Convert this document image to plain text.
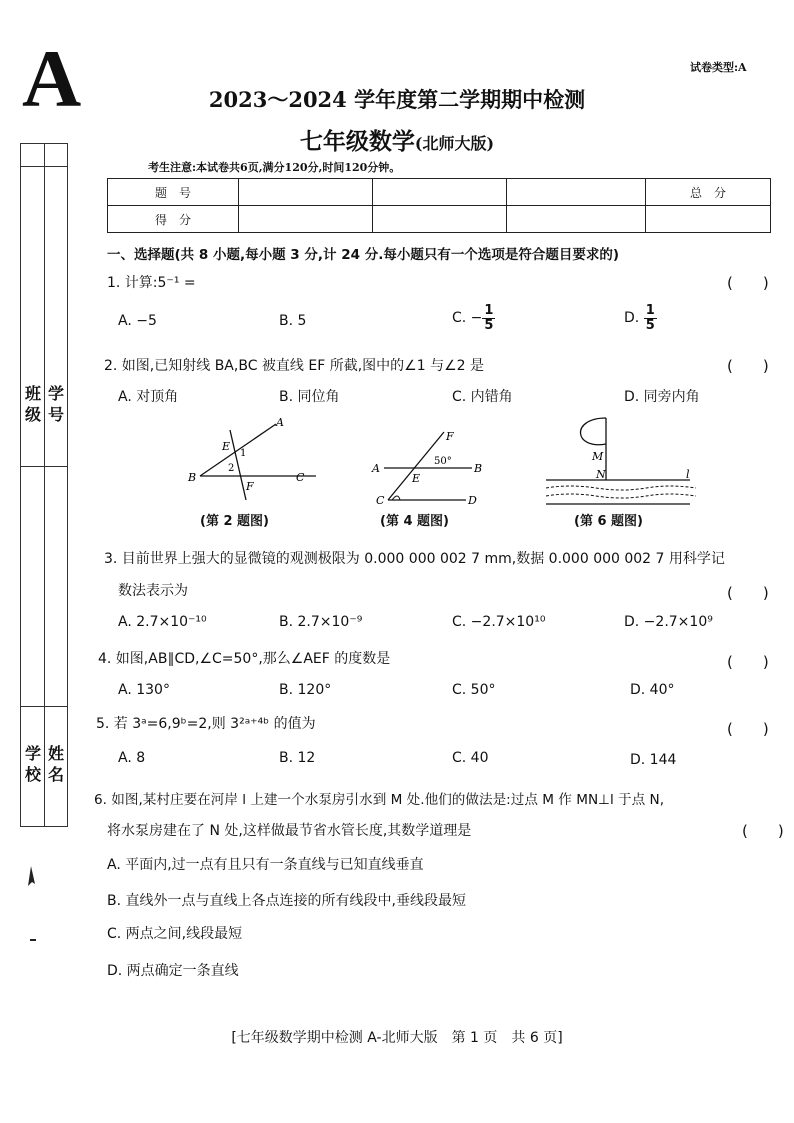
A	试卷类型:A
2023～2024 学年度第二学期期中检测
七年级数学(北师大版)
考生注意:本试卷共6页,满分120分,时间120分钟。
题　号				总　分
得　分				
班级
学号
学校
姓名
一、选择题(共 8 小题,每小题 3 分,计 24 分.每小题只有一个选项是符合题目要求的)
1. 计算:5⁻¹ =	(　　)
A. −5	B. 5	C. − $\frac{1}{5}$	D. $\frac{1}{5}$
2. 如图,已知射线 BA,BC 被直线 EF 所截,图中的∠1 与∠2 是	(　　)
A. 对顶角	B. 同位角	C. 内错角	D. 同旁内角
A
B	C
E
F
1
2
(第 2 题图)
A	B
C	D
E
F
50°
(第 4 题图)
M
N	l
(第 6 题图)
3. 目前世界上强大的显微镜的观测极限为 0.000 000 002 7 mm,数据 0.000 000 002 7 用科学记
数法表示为	(　　)
A. 2.7×10⁻¹⁰	B. 2.7×10⁻⁹	C. −2.7×10¹⁰	D. −2.7×10⁹
4. 如图,AB∥CD,∠C=50°,那么∠AEF 的度数是	(　　)
A. 130°	B. 120°	C. 50°	D. 40°
5. 若 3ᵃ=6,9ᵇ=2,则 3²ᵃ⁺⁴ᵇ 的值为	(　　)
A. 8	B. 12	C. 40	D. 144
6. 如图,某村庄要在河岸 l 上建一个水泵房引水到 M 处.他们的做法是:过点 M 作 MN⊥l 于点 N,
将水泵房建在了 N 处,这样做最节省水管长度,其数学道理是	(　　)
A. 平面内,过一点有且只有一条直线与已知直线垂直
B. 直线外一点与直线上各点连接的所有线段中,垂线段最短
C. 两点之间,线段最短
D. 两点确定一条直线
[七年级数学期中检测 A-北师大版　第 1 页　共 6 页]
